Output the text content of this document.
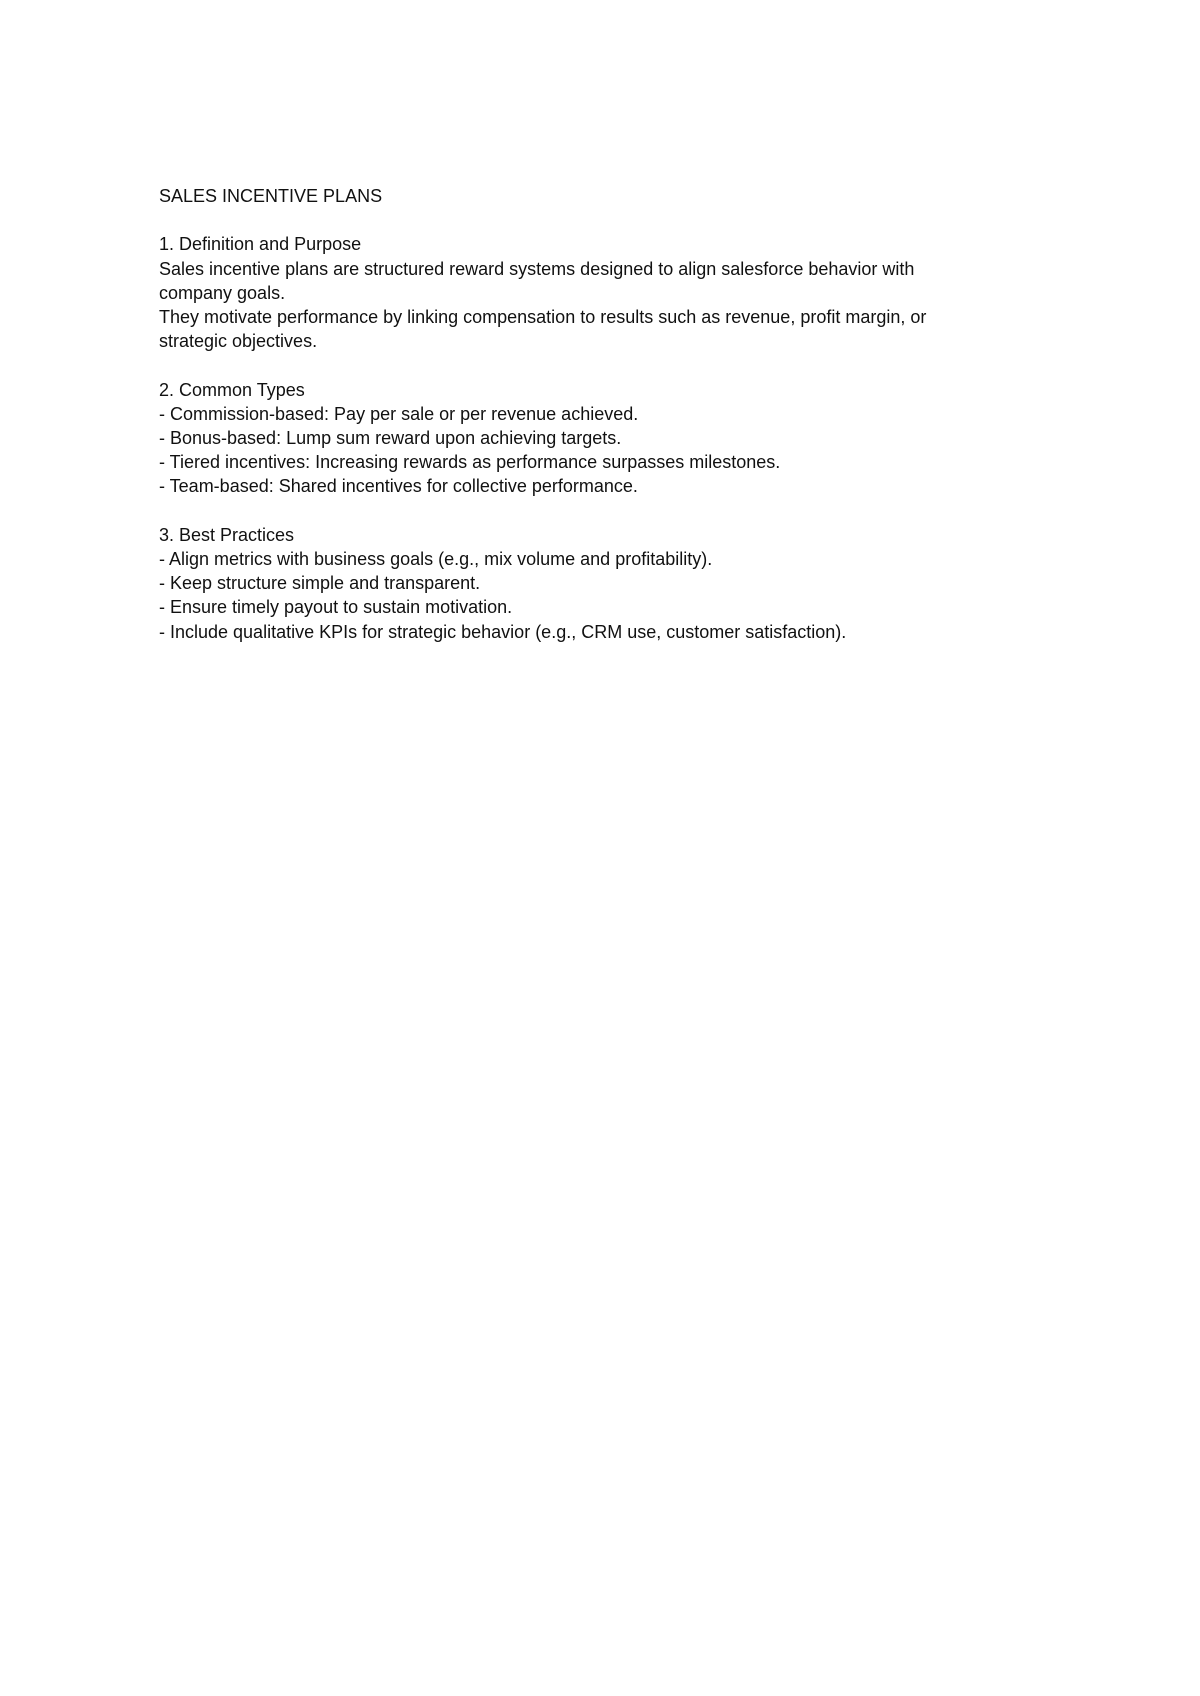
SALES INCENTIVE PLANS
1. Definition and Purpose
Sales incentive plans are structured reward systems designed to align salesforce behavior with
company goals.
They motivate performance by linking compensation to results such as revenue, profit margin, or
strategic objectives.
2. Common Types
- Commission-based: Pay per sale or per revenue achieved.
- Bonus-based: Lump sum reward upon achieving targets.
- Tiered incentives: Increasing rewards as performance surpasses milestones.
- Team-based: Shared incentives for collective performance.
3. Best Practices
- Align metrics with business goals (e.g., mix volume and profitability).
- Keep structure simple and transparent.
- Ensure timely payout to sustain motivation.
- Include qualitative KPIs for strategic behavior (e.g., CRM use, customer satisfaction).
